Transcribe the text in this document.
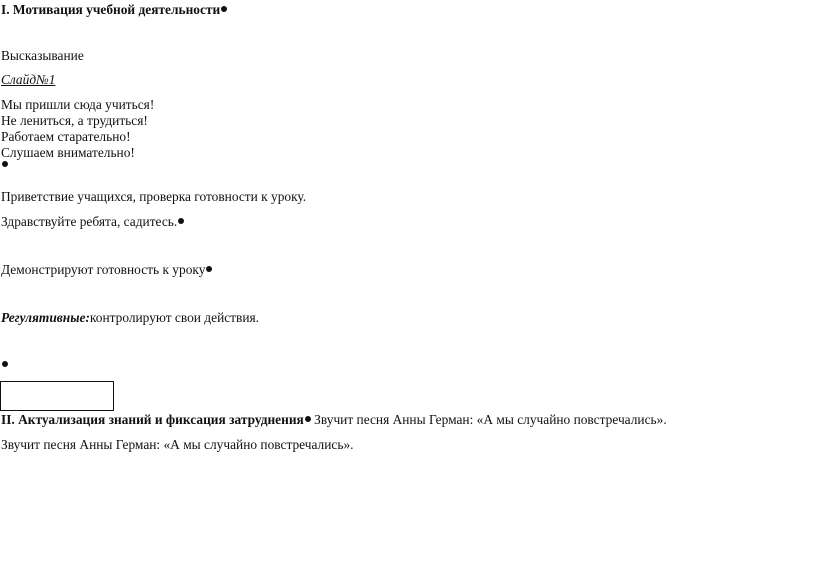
I. Мотивация учебной деятельности
Высказывание
Слайд№1
Мы пришли сюда учиться!
Не лениться, а трудиться!
Работаем старательно!
Слушаем внимательно!
Приветствие учащихся, проверка готовности к уроку.
Здравствуйте ребята, садитесь.
Демонстрируют готовность к уроку
Регулятивные:контролируют свои действия.
II. Актуализация знаний и фиксация затруднения Звучит песня Анны Герман: «А мы случайно повстречались».
Звучит песня Анны Герман: «А мы случайно повстречались».
